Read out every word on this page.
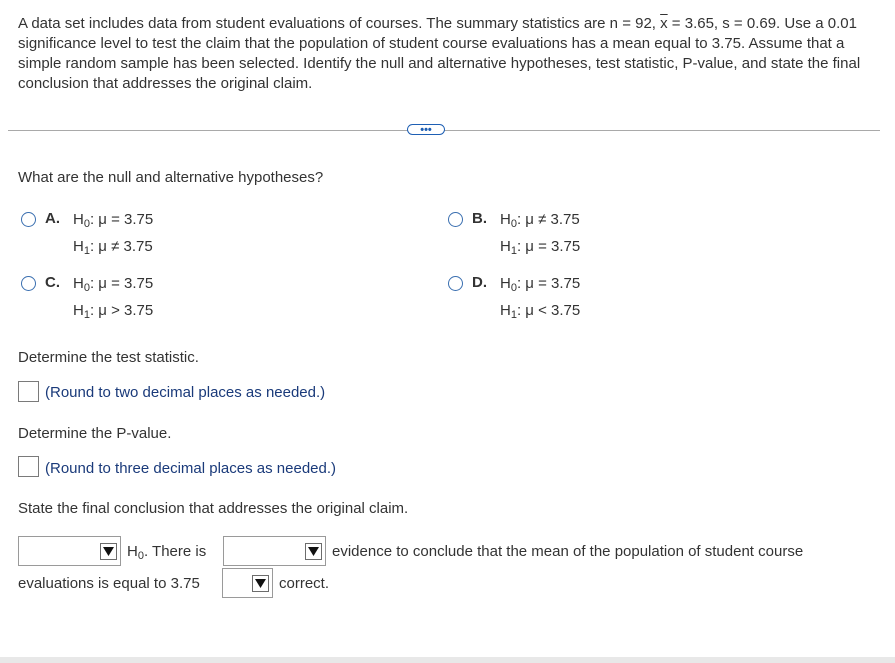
A data set includes data from student evaluations of courses. The summary statistics are n = 92, $\overline{x} = 3.65$, s = 0.69. Use a 0.01 significance level to test the claim that the population of student course evaluations has a mean equal to 3.75. Assume that a simple random sample has been selected. Identify the null and alternative hypotheses, test statistic, P-value, and state the final conclusion that addresses the original claim.
•••
What are the null and alternative hypotheses?
A. $H_0$: μ = 3.75
$H_1$: μ ≠ 3.75
B. $H_0$: μ ≠ 3.75
$H_1$: μ = 3.75
C. $H_0$: μ = 3.75
$H_1$: μ > 3.75
D. $H_0$: μ = 3.75
$H_1$: μ < 3.75
Determine the test statistic.
(Round to two decimal places as needed.)
Determine the P-value.
(Round to three decimal places as needed.)
State the final conclusion that addresses the original claim.
$H_0$. There is	evidence to conclude that the mean of the population of student course
evaluations is equal to 3.75	correct.
